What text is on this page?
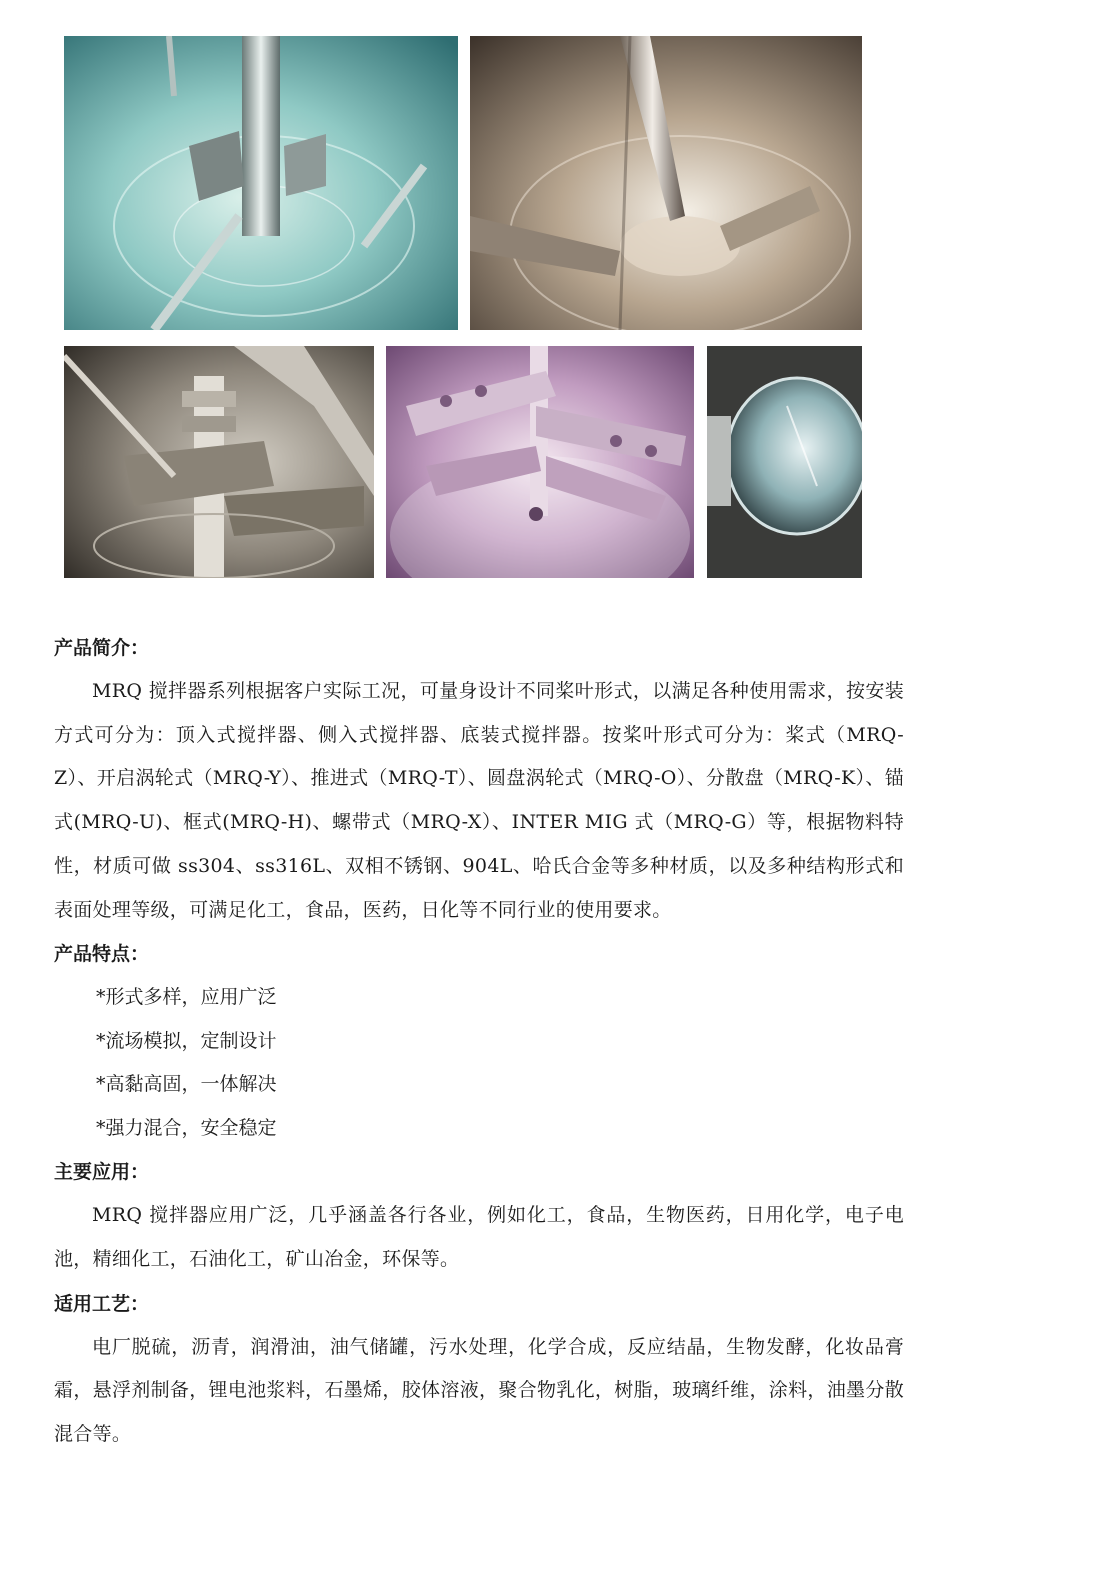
产品简介：

MRQ 搅拌器系列根据客户实际工况，可量身设计不同桨叶形式，以满足各种使用需求，按安装方式可分为：顶入式搅拌器、侧入式搅拌器、底装式搅拌器。按桨叶形式可分为：桨式（MRQ-Z）、开启涡轮式（MRQ-Y）、推进式（MRQ-T）、圆盘涡轮式（MRQ-O）、分散盘（MRQ-K）、锚式(MRQ-U)、框式(MRQ-H)、螺带式（MRQ-X）、INTER MIG 式（MRQ-G）等，根据物料特性，材质可做 ss304、ss316L、双相不锈钢、904L、哈氏合金等多种材质，以及多种结构形式和表面处理等级，可满足化工，食品，医药，日化等不同行业的使用要求。

产品特点：

*形式多样，应用广泛

*流场模拟，定制设计

*高黏高固，一体解决

*强力混合，安全稳定

主要应用：

MRQ 搅拌器应用广泛，几乎涵盖各行各业，例如化工，食品，生物医药，日用化学，电子电池，精细化工，石油化工，矿山冶金，环保等。

适用工艺：

电厂脱硫，沥青，润滑油，油气储罐，污水处理，化学合成，反应结晶，生物发酵，化妆品膏霜，悬浮剂制备，锂电池浆料，石墨烯，胶体溶液，聚合物乳化，树脂，玻璃纤维，涂料，油墨分散混合等。
